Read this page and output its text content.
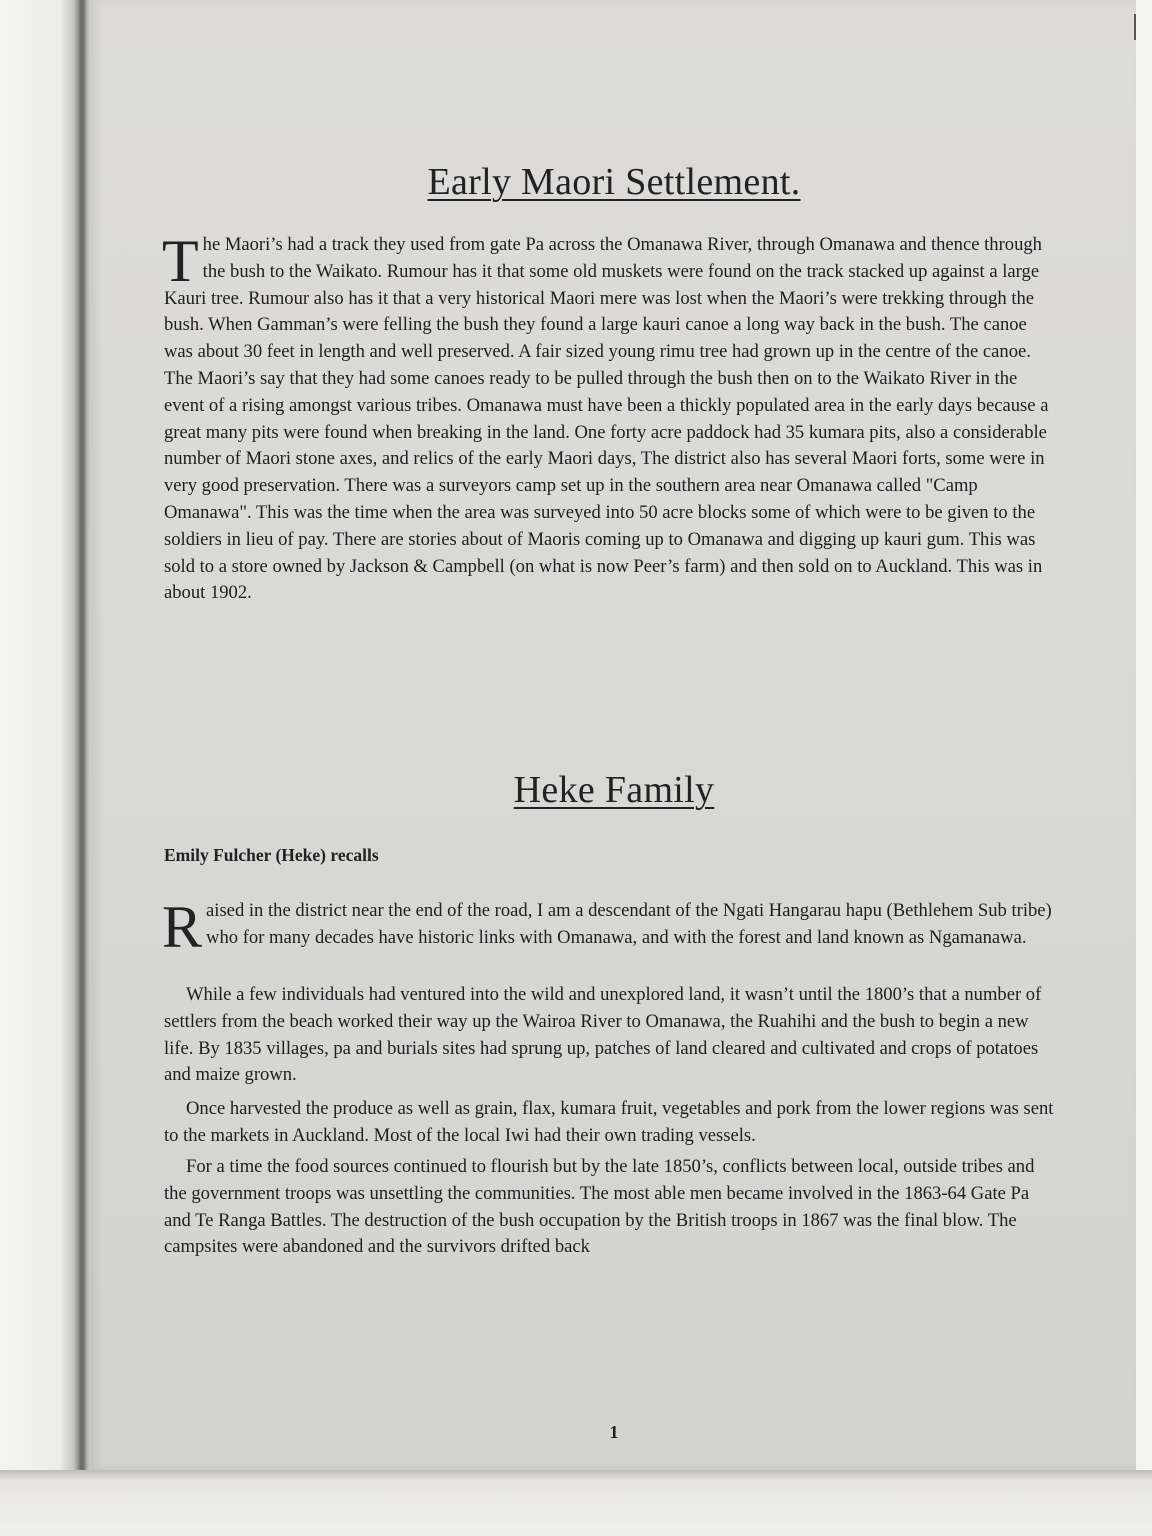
Early Maori Settlement.

The Maori’s had a track they used from gate Pa across the Omanawa River, through Omanawa and thence through the bush to the Waikato. Rumour has it that some old muskets were found on the track stacked up against a large Kauri tree. Rumour also has it that a very historical Maori mere was lost when the Maori’s were trekking through the bush. When Gamman’s were felling the bush they found a large kauri canoe a long way back in the bush. The canoe was about 30 feet in length and well preserved. A fair sized young rimu tree had grown up in the centre of the canoe. The Maori’s say that they had some canoes ready to be pulled through the bush then on to the Waikato River in the event of a rising amongst various tribes. Omanawa must have been a thickly populated area in the early days because a great many pits were found when breaking in the land. One forty acre paddock had 35 kumara pits, also a considerable number of Maori stone axes, and relics of the early Maori days, The district also has several Maori forts, some were in very good preservation. There was a surveyors camp set up in the southern area near Omanawa called "Camp Omanawa". This was the time when the area was surveyed into 50 acre blocks some of which were to be given to the soldiers in lieu of pay. There are stories about of Maoris coming up to Omanawa and digging up kauri gum. This was sold to a store owned by Jackson & Campbell (on what is now Peer’s farm) and then sold on to Auckland. This was in about 1902.

Heke Family

Emily Fulcher (Heke) recalls

Raised in the district near the end of the road, I am a descendant of the Ngati Hangarau hapu (Bethlehem Sub tribe) who for many decades have historic links with Omanawa, and with the forest and land known as Ngamanawa.

While a few individuals had ventured into the wild and unexplored land, it wasn’t until the 1800’s that a number of settlers from the beach worked their way up the Wairoa River to Omanawa, the Ruahihi and the bush to begin a new life. By 1835 villages, pa and burials sites had sprung up, patches of land cleared and cultivated and crops of potatoes and maize grown.

Once harvested the produce as well as grain, flax, kumara fruit, vegetables and pork from the lower regions was sent to the markets in Auckland. Most of the local Iwi had their own trading vessels.

For a time the food sources continued to flourish but by the late 1850’s, conflicts between local, outside tribes and the government troops was unsettling the communities. The most able men became involved in the 1863-64 Gate Pa and Te Ranga Battles. The destruction of the bush occupation by the British troops in 1867 was the final blow. The campsites were abandoned and the survivors drifted back

1
